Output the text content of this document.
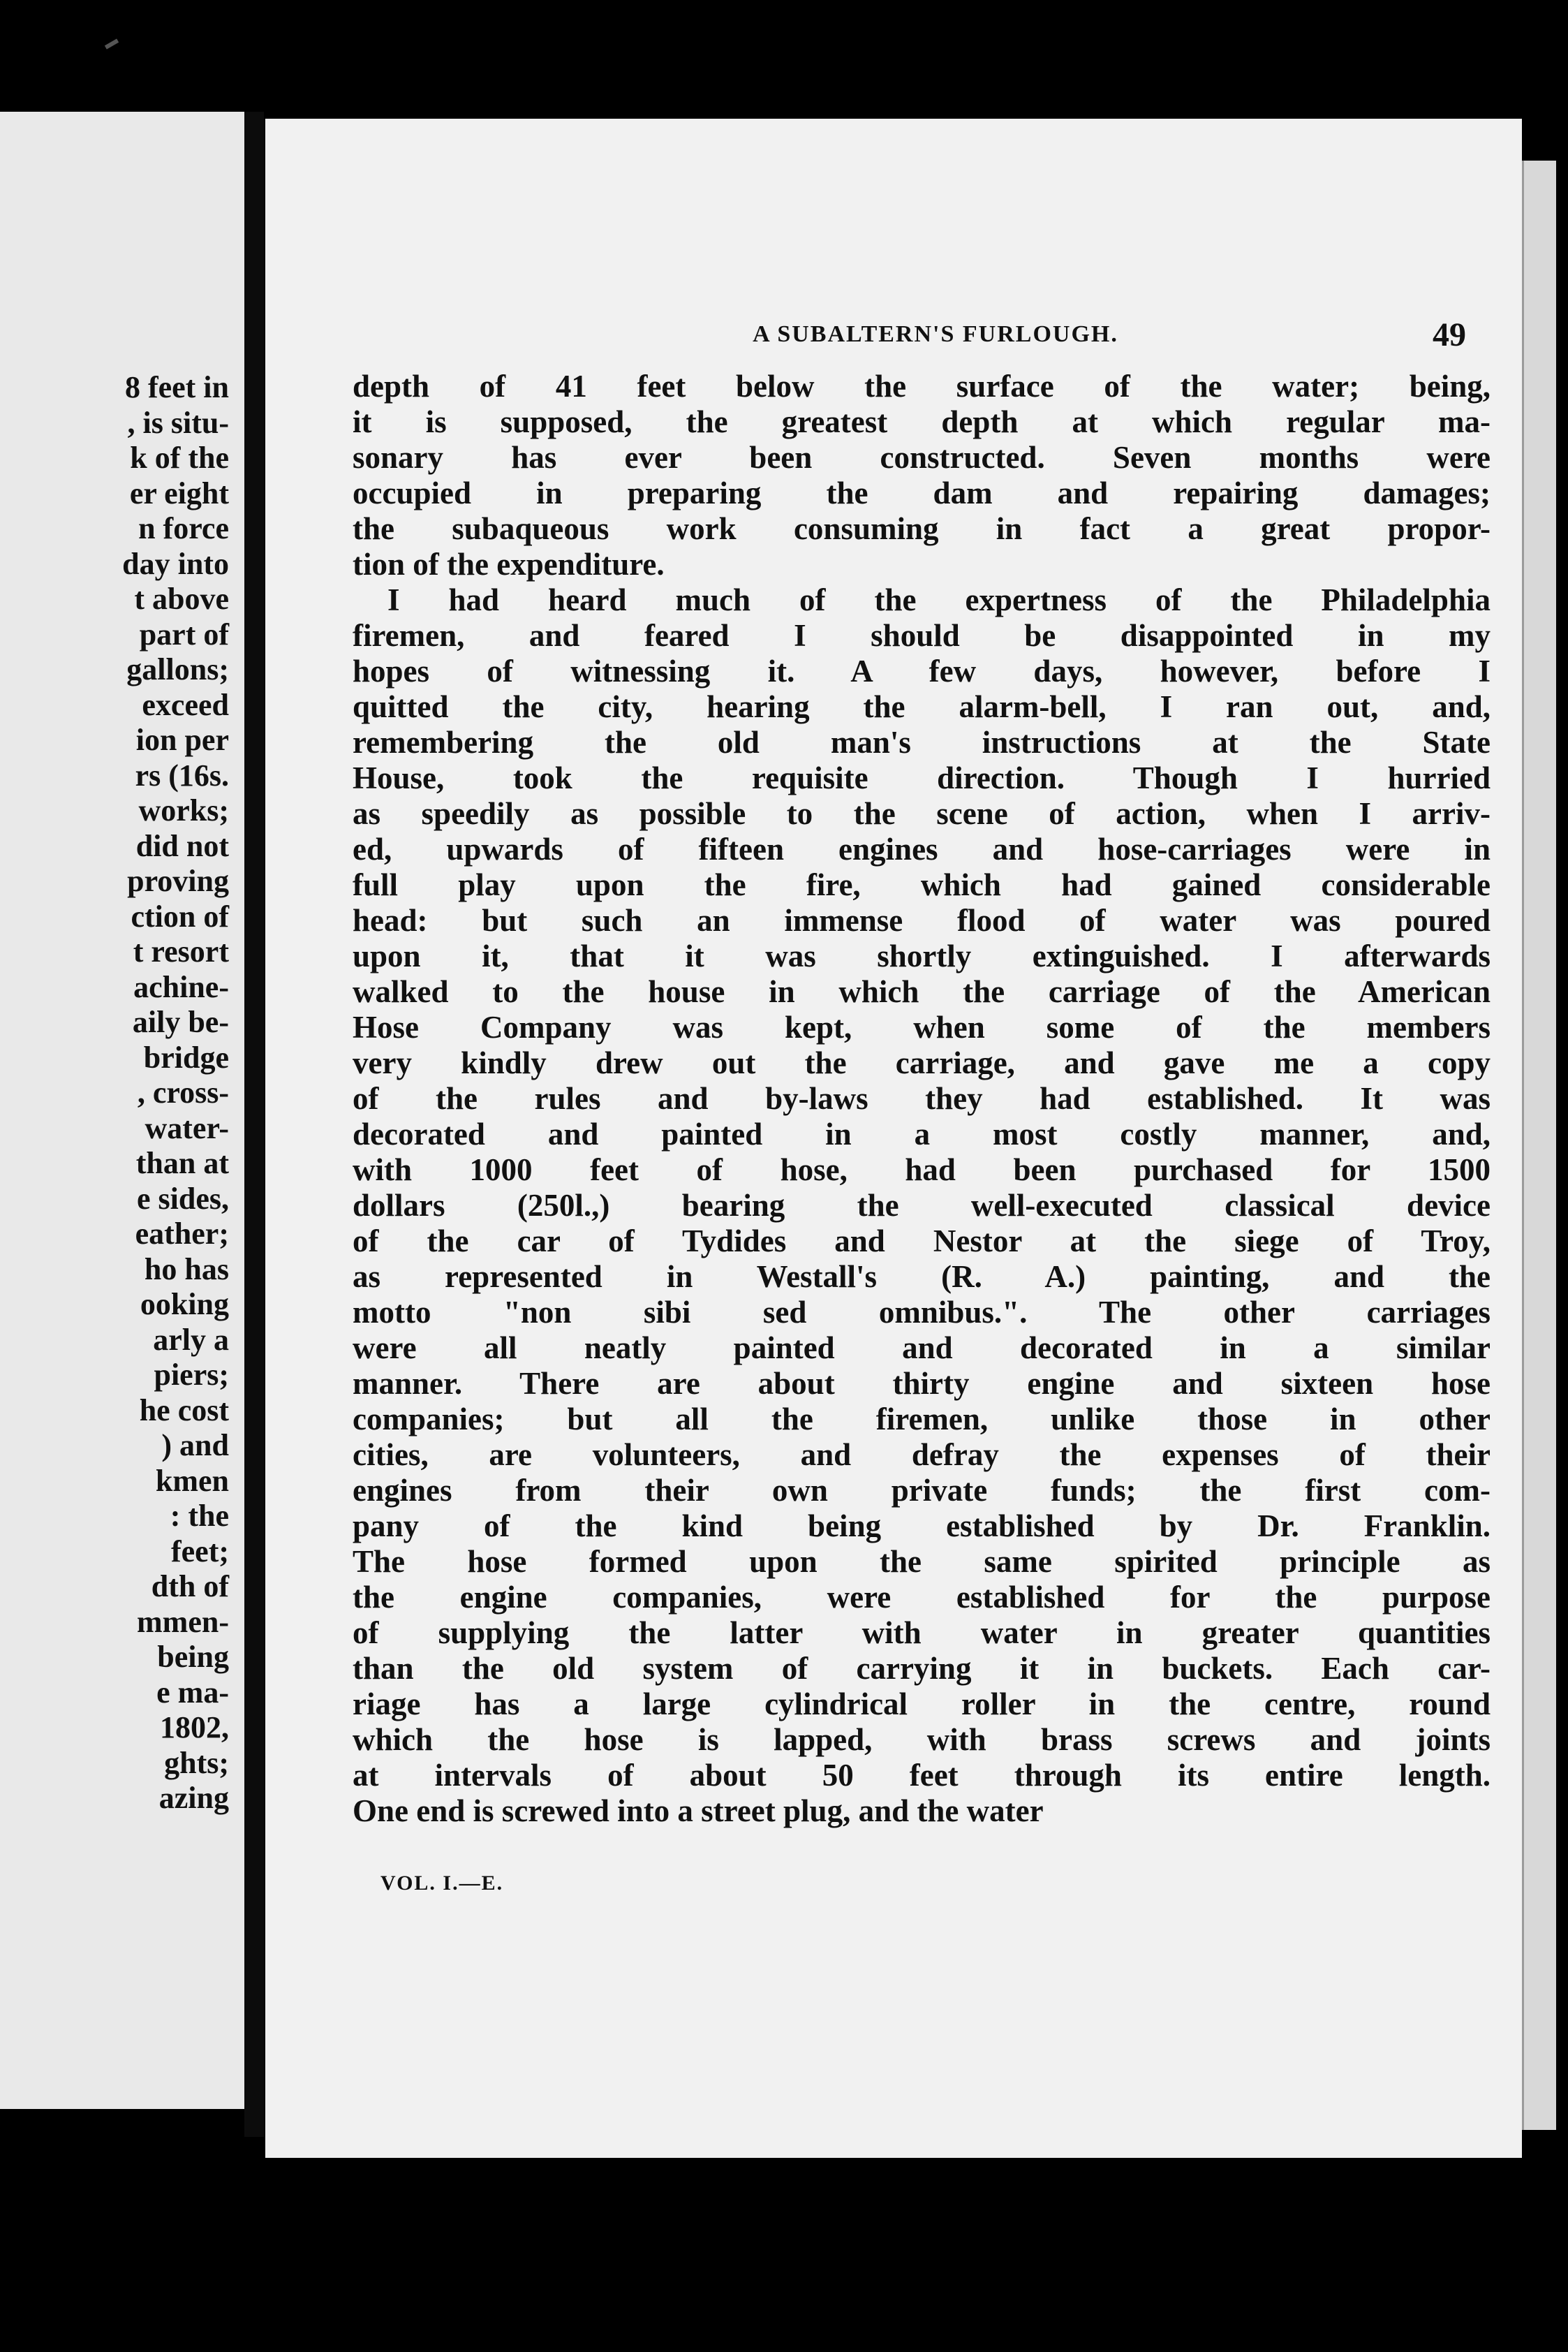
8 feet in
, is situ-
k of the
er eight
n force
day into
t above
part of
gallons;
exceed
ion per
rs (16s.
works;
did not
proving
ction of
t resort
achine-
aily be-
bridge
, cross-
water-
than at
e sides,
eather;
ho has
ooking
arly a
piers;
he cost
) and
kmen
: the
feet;
dth of
mmen-
being
e ma-
1802,
ghts;
azing
A SUBALTERN'S FURLOUGH.	49
depth of 41 feet below the surface of the water; being,
it is supposed, the greatest depth at which regular ma-
sonary has ever been constructed. Seven months were
occupied in preparing the dam and repairing damages;
the subaqueous work consuming in fact a great propor-
tion of the expenditure.
I had heard much of the expertness of the Philadelphia
firemen, and feared I should be disappointed in my
hopes of witnessing it. A few days, however, before I
quitted the city, hearing the alarm-bell, I ran out, and,
remembering the old man's instructions at the State
House, took the requisite direction. Though I hurried
as speedily as possible to the scene of action, when I arriv-
ed, upwards of fifteen engines and hose-carriages were in
full play upon the fire, which had gained considerable
head: but such an immense flood of water was poured
upon it, that it was shortly extinguished. I afterwards
walked to the house in which the carriage of the American
Hose Company was kept, when some of the members
very kindly drew out the carriage, and gave me a copy
of the rules and by-laws they had established. It was
decorated and painted in a most costly manner, and,
with 1000 feet of hose, had been purchased for 1500
dollars (250l.,) bearing the well-executed classical device
of the car of Tydides and Nestor at the siege of Troy,
as represented in Westall's (R. A.) painting, and the
motto "non sibi sed omnibus.". The other carriages
were all neatly painted and decorated in a similar
manner. There are about thirty engine and sixteen hose
companies; but all the firemen, unlike those in other
cities, are volunteers, and defray the expenses of their
engines from their own private funds; the first com-
pany of the kind being established by Dr. Franklin.
The hose formed upon the same spirited principle as
the engine companies, were established for the purpose
of supplying the latter with water in greater quantities
than the old system of carrying it in buckets. Each car-
riage has a large cylindrical roller in the centre, round
which the hose is lapped, with brass screws and joints
at intervals of about 50 feet through its entire length.
One end is screwed into a street plug, and the water
VOL. I.—E.
